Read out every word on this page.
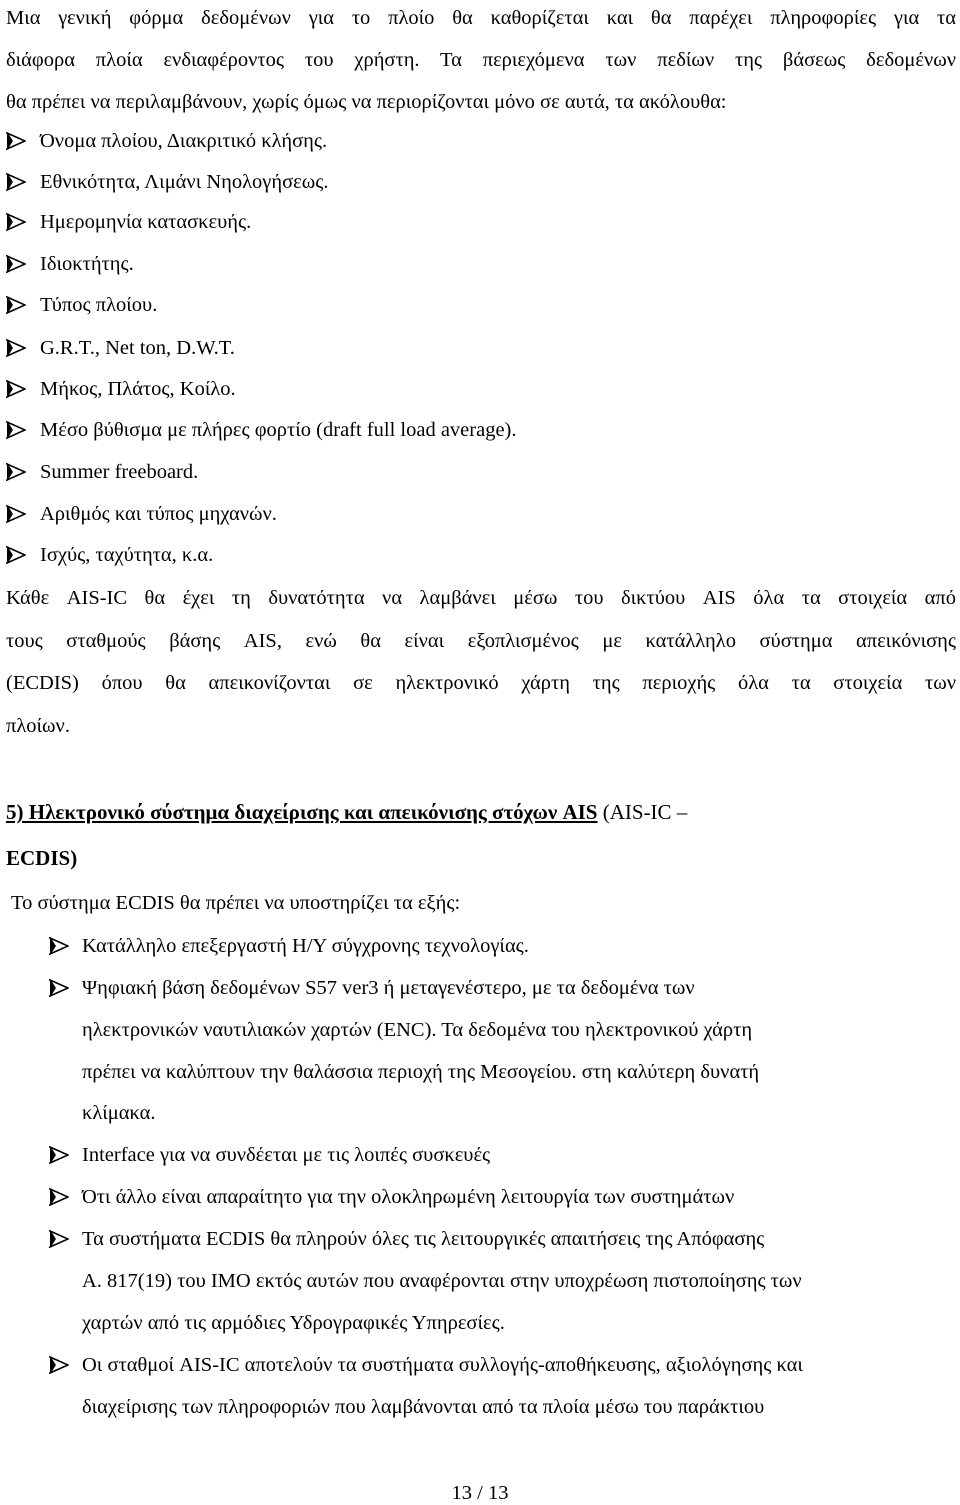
Μια γενική φόρμα δεδομένων για το πλοίο θα καθορίζεται και θα παρέχει πληροφορίες για τα
διάφορα πλοία ενδιαφέροντος του χρήστη. Τα περιεχόμενα των πεδίων της βάσεως δεδομένων
θα πρέπει να περιλαμβάνουν, χωρίς όμως να περιορίζονται μόνο σε αυτά, τα ακόλουθα:
Όνομα πλοίου, Διακριτικό κλήσης.
Εθνικότητα, Λιμάνι Νηολογήσεως.
Ημερομηνία κατασκευής.
Ιδιοκτήτης.
Τύπος πλοίου.
G.R.T., Net ton, D.W.T.
Μήκος, Πλάτος, Κοίλο.
Μέσο βύθισμα με πλήρες φορτίο (draft full load average).
Summer freeboard.
Αριθμός και τύπος μηχανών.
Ισχύς, ταχύτητα, κ.α.
Κάθε AIS-IC θα έχει τη δυνατότητα να λαμβάνει μέσω του δικτύου AIS όλα τα στοιχεία από
τους σταθμούς βάσης AIS, ενώ θα είναι εξοπλισμένος με κατάλληλο σύστημα απεικόνισης
(ECDIS) όπου θα απεικονίζονται σε ηλεκτρονικό χάρτη της περιοχής όλα τα στοιχεία των
πλοίων.
5) Ηλεκτρονικό σύστημα διαχείρισης και απεικόνισης στόχων AIS (AIS-IC –
ECDIS)
Το σύστημα ECDIS θα πρέπει να υποστηρίζει τα εξής:
Κατάλληλο επεξεργαστή Η/Υ σύγχρονης τεχνολογίας.
Ψηφιακή βάση δεδομένων S57 ver3 ή μεταγενέστερο, με τα δεδομένα των
ηλεκτρονικών ναυτιλιακών χαρτών (ENC). Τα δεδομένα του ηλεκτρονικού χάρτη
πρέπει να καλύπτουν την θαλάσσια περιοχή της Μεσογείου. στη καλύτερη δυνατή
κλίμακα.
Interface για να συνδέεται με τις λοιπές συσκευές
Ότι άλλο είναι απαραίτητο για την ολοκληρωμένη λειτουργία των συστημάτων
Τα συστήματα ECDIS θα πληρούν όλες τις λειτουργικές απαιτήσεις της Απόφασης
Α. 817(19) του ΙΜΟ εκτός αυτών που αναφέρονται στην υποχρέωση πιστοποίησης των
χαρτών από τις αρμόδιες Υδρογραφικές Υπηρεσίες.
Οι σταθμοί AIS-IC αποτελούν τα συστήματα συλλογής-αποθήκευσης, αξιολόγησης και
διαχείρισης των πληροφοριών που λαμβάνονται από τα πλοία μέσω του παράκτιου
13 / 13
